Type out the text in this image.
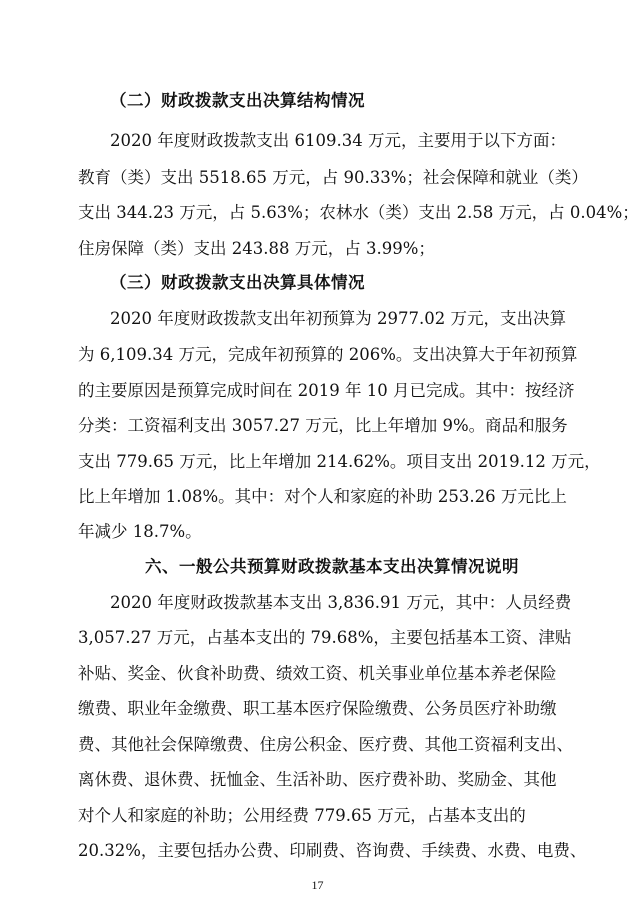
（二）财政拨款支出决算结构情况
2020 年度财政拨款支出 6109.34 万元，主要用于以下方面：
教育（类）支出 5518.65 万元，占 90.33%；社会保障和就业（类）
支出 344.23 万元，占 5.63%；农林水（类）支出 2.58 万元，占 0.04%；
住房保障（类）支出 243.88 万元，占 3.99%；
（三）财政拨款支出决算具体情况
2020 年度财政拨款支出年初预算为 2977.02 万元，支出决算
为 6,109.34 万元，完成年初预算的 206%。支出决算大于年初预算
的主要原因是预算完成时间在 2019 年 10 月已完成。其中：按经济
分类：工资福利支出 3057.27 万元，比上年增加 9%。商品和服务
支出 779.65 万元，比上年增加 214.62%。项目支出 2019.12 万元，
比上年增加 1.08%。其中：对个人和家庭的补助 253.26 万元比上
年减少 18.7%。
六、一般公共预算财政拨款基本支出决算情况说明
2020 年度财政拨款基本支出 3,836.91 万元，其中：人员经费
3,057.27 万元，占基本支出的 79.68%，主要包括基本工资、津贴
补贴、奖金、伙食补助费、绩效工资、机关事业单位基本养老保险
缴费、职业年金缴费、职工基本医疗保险缴费、公务员医疗补助缴
费、其他社会保障缴费、住房公积金、医疗费、其他工资福利支出、
离休费、退休费、抚恤金、生活补助、医疗费补助、奖励金、其他
对个人和家庭的补助；公用经费 779.65 万元，占基本支出的
20.32%，主要包括办公费、印刷费、咨询费、手续费、水费、电费、
17
